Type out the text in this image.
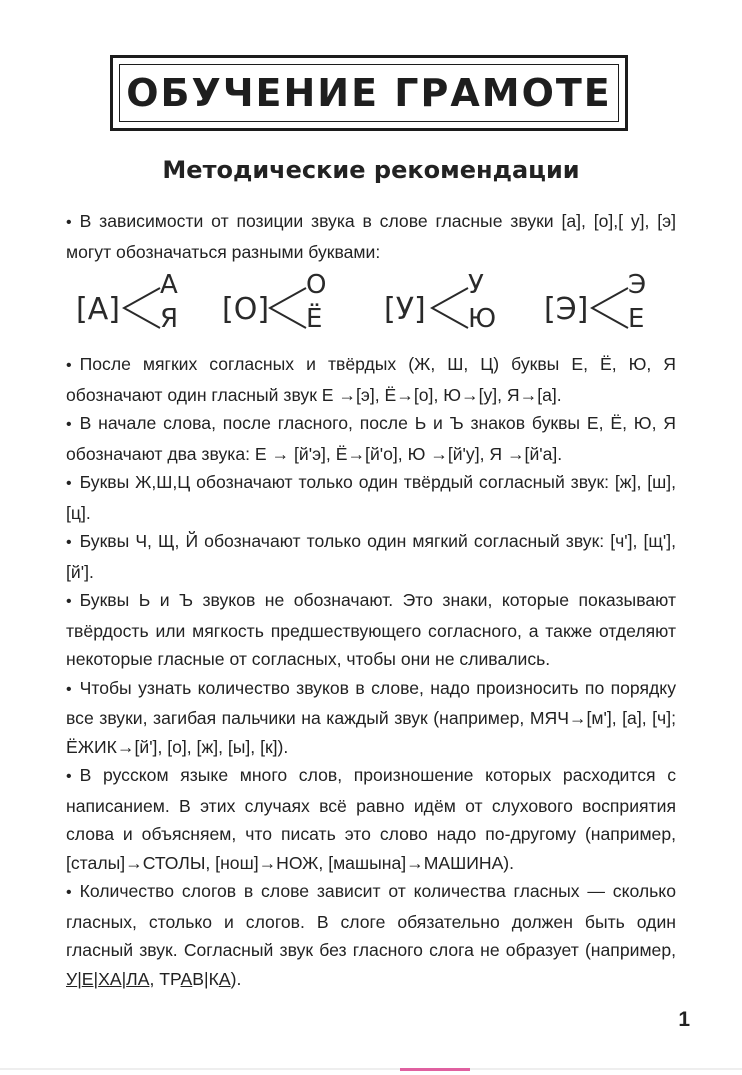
ОБУЧЕНИЕ ГРАМОТЕ
Методические рекомендации

• В зависимости от позиции звука в слове гласные звуки [а], [о],[ у], [э] могут обозначаться разными буквами:

[А]
А
Я [О]
О
Ё [У]
У
Ю [Э]
Э
Е

• После мягких согласных и твёрдых (Ж, Ш, Ц) буквы Е, Ё, Ю, Я обозначают один гласный звук Е →[э], Ё→[о], Ю→[у], Я→[а].

• В начале слова, после гласного, после Ь и Ъ знаков буквы Е, Ё, Ю, Я обозначают два звука: Е → [й'э], Ё→[й'о], Ю →[й'у], Я →[й'а].

• Буквы Ж,Ш,Ц обозначают только один твёрдый согласный звук: [ж], [ш], [ц].

• Буквы Ч, Щ, Й обозначают только один мягкий согласный звук: [ч'], [щ'], [й'].

• Буквы Ь и Ъ звуков не обозначают. Это знаки, которые показывают твёрдость или мягкость предшествующего согласного, а также отделяют некоторые гласные от согласных, чтобы они не сливались.

• Чтобы узнать количество звуков в слове, надо произносить по порядку все звуки, загибая пальчики на каждый звук (например, МЯЧ→[м'], [а], [ч]; ЁЖИК→[й'], [о], [ж], [ы], [к]).

• В русском языке много слов, произношение которых расходится с написанием. В этих случаях всё равно идём от слухового восприятия слова и объясняем, что писать это слово надо по-другому (например, [сталы]→СТОЛЫ, [нош]→НОЖ, [машына]→МАШИНА).

• Количество слогов в слове зависит от количества гласных — сколько гласных, столько и слогов. В слоге обязательно должен быть один гласный звук. Согласный звук без гласного слога не образует (например, У|Е|ХА|ЛА, ТРАВ|КА).

1
